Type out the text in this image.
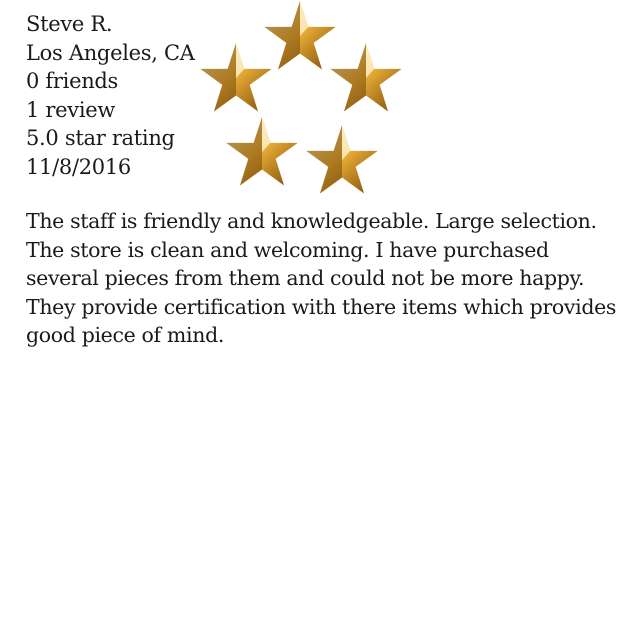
Steve R.
Los Angeles, CA
0 friends
1 review
5.0 star rating
11/8/2016

The staff is friendly and knowledgeable. Large selection. The store is clean and welcoming. I have purchased several pieces from them and could not be more happy. They provide certification with there items which provides good piece of mind.
